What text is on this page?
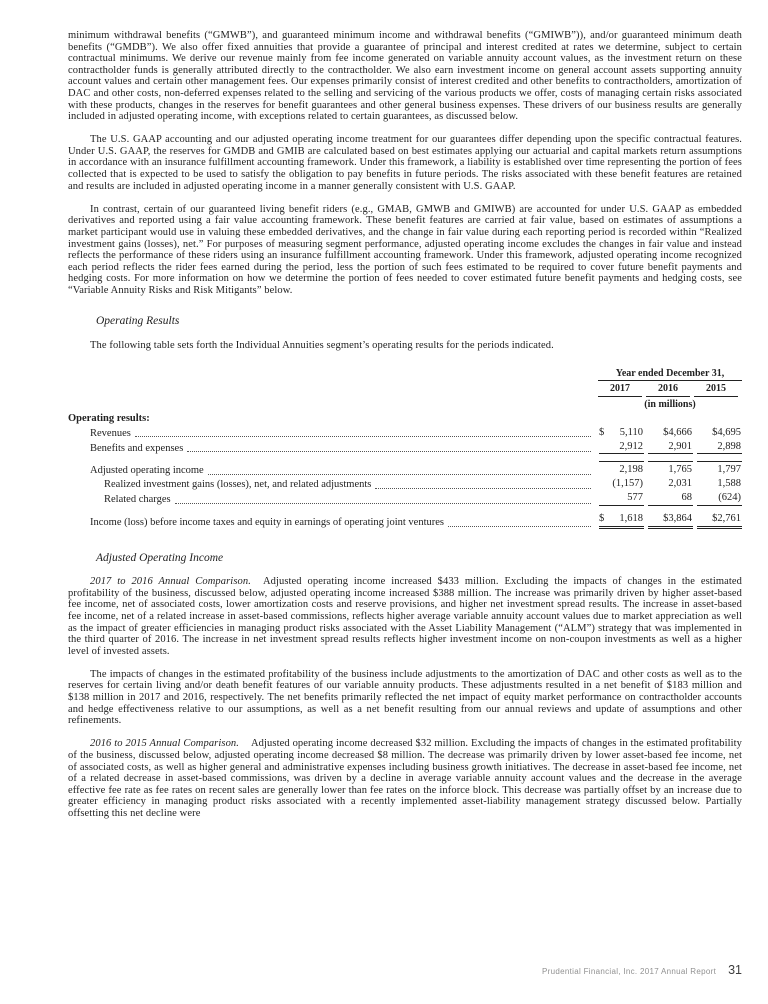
minimum withdrawal benefits (“GMWB”), and guaranteed minimum income and withdrawal benefits (“GMIWB”)), and/or guaranteed minimum death benefits (“GMDB”). We also offer fixed annuities that provide a guarantee of principal and interest credited at rates we determine, subject to certain contractual minimums. We derive our revenue mainly from fee income generated on variable annuity account values, as the investment return on these contractholder funds is generally attributed directly to the contractholder. We also earn investment income on general account assets supporting annuity account values and certain other management fees. Our expenses primarily consist of interest credited and other benefits to contractholders, amortization of DAC and other costs, non-deferred expenses related to the selling and servicing of the various products we offer, costs of managing certain risks associated with these products, changes in the reserves for benefit guarantees and other general business expenses. These drivers of our business results are generally included in adjusted operating income, with exceptions related to certain guarantees, as discussed below.

The U.S. GAAP accounting and our adjusted operating income treatment for our guarantees differ depending upon the specific contractual features. Under U.S. GAAP, the reserves for GMDB and GMIB are calculated based on best estimates applying our actuarial and capital markets return assumptions in accordance with an insurance fulfillment accounting framework. Under this framework, a liability is established over time representing the portion of fees collected that is expected to be used to satisfy the obligation to pay benefits in future periods. The risks associated with these benefit features are retained and results are included in adjusted operating income in a manner generally consistent with U.S. GAAP.

In contrast, certain of our guaranteed living benefit riders (e.g., GMAB, GMWB and GMIWB) are accounted for under U.S. GAAP as embedded derivatives and reported using a fair value accounting framework. These benefit features are carried at fair value, based on estimates of assumptions a market participant would use in valuing these embedded derivatives, and the change in fair value during each reporting period is recorded within “Realized investment gains (losses), net.” For purposes of measuring segment performance, adjusted operating income excludes the changes in fair value and instead reflects the performance of these riders using an insurance fulfillment accounting framework. Under this framework, adjusted operating income recognized each period reflects the rider fees earned during the period, less the portion of such fees estimated to be required to cover future benefit payments and hedging costs. For more information on how we determine the portion of fees needed to cover estimated future benefit payments and hedging costs, see “Variable Annuity Risks and Risk Mitigants” below.

Operating Results

The following table sets forth the Individual Annuities segment’s operating results for the periods indicated.

Year ended December 31,
2017	2016	2015
(in millions)
Operating results:
Revenues	$ 5,110	$4,666	$4,695
Benefits and expenses	2,912	2,901	2,898
Adjusted operating income	2,198	1,765	1,797
Realized investment gains (losses), net, and related adjustments	(1,157)	2,031	1,588
Related charges	577	68	(624)
Income (loss) before income taxes and equity in earnings of operating joint ventures	$ 1,618	$3,864	$2,761
Adjusted Operating Income

2017 to 2016 Annual Comparison. Adjusted operating income increased $433 million. Excluding the impacts of changes in the estimated profitability of the business, discussed below, adjusted operating income increased $388 million. The increase was primarily driven by higher asset-based fee income, net of associated costs, lower amortization costs and reserve provisions, and higher net investment spread results. The increase in asset-based fee income, net of a related increase in asset-based commissions, reflects higher average variable annuity account values due to market appreciation as well as the impact of greater efficiencies in managing product risks associated with the Asset Liability Management (“ALM”) strategy that was implemented in the third quarter of 2016. The increase in net investment spread results reflects higher investment income on non-coupon investments as well as a higher level of invested assets.

The impacts of changes in the estimated profitability of the business include adjustments to the amortization of DAC and other costs as well as to the reserves for certain living and/or death benefit features of our variable annuity products. These adjustments resulted in a net benefit of $183 million and $138 million in 2017 and 2016, respectively. The net benefits primarily reflected the net impact of equity market performance on contractholder accounts and hedge effectiveness relative to our assumptions, as well as a net benefit resulting from our annual reviews and update of assumptions and other refinements.

2016 to 2015 Annual Comparison. Adjusted operating income decreased $32 million. Excluding the impacts of changes in the estimated profitability of the business, discussed below, adjusted operating income decreased $8 million. The decrease was primarily driven by lower asset-based fee income, net of associated costs, as well as higher general and administrative expenses including business growth initiatives. The decrease in asset-based fee income, net of a related decrease in asset-based commissions, was driven by a decline in average variable annuity account values and the decrease in the average effective fee rate as fee rates on recent sales are generally lower than fee rates on the inforce block. This decrease was partially offset by an increase due to greater efficiency in managing product risks associated with a recently implemented asset-liability management strategy discussed below. Partially offsetting this net decline were

Prudential Financial, Inc. 2017 Annual Report 31
